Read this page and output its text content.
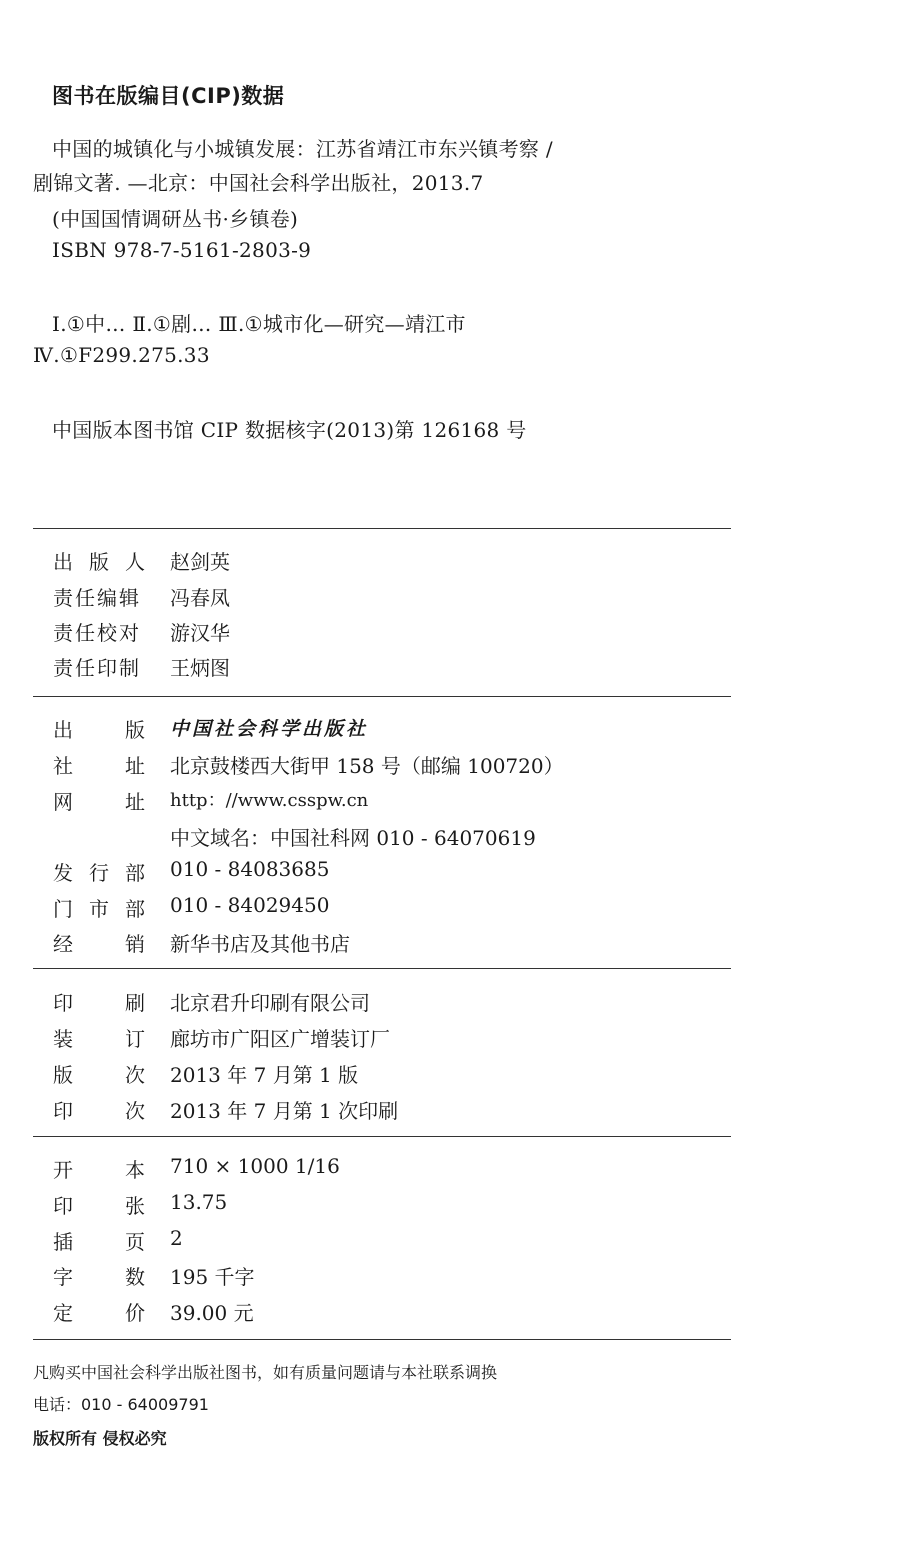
图书在版编目(CIP)数据
中国的城镇化与小城镇发展：江苏省靖江市东兴镇考察 /
剧锦文著. —北京：中国社会科学出版社，2013.7
(中国国情调研丛书·乡镇卷)
ISBN 978-7-5161-2803-9
Ⅰ.①中… Ⅱ.①剧… Ⅲ.①城市化—研究—靖江市
Ⅳ.①F299.275.33
中国版本图书馆 CIP 数据核字(2013)第 126168 号
出 版 人 赵剑英
责任编辑 冯春凤
责任校对 游汉华
责任印制 王炳图
出	版 中国社会科学出版社
社	址 北京鼓楼西大街甲 158 号（邮编 100720）
网	址 http：//www.csspw.cn
中文域名：中国社科网 010 - 64070619
发 行 部 010 - 84083685
门 市 部 010 - 84029450
经	销 新华书店及其他书店
印	刷 北京君升印刷有限公司
装	订 廊坊市广阳区广增装订厂
版	次 2013 年 7 月第 1 版
印	次 2013 年 7 月第 1 次印刷
开	本 710 × 1000 1/16
印	张 13.75
插	页 2
字	数 195 千字
定	价 39.00 元
凡购买中国社会科学出版社图书，如有质量问题请与本社联系调换
电话：010 - 64009791
版权所有 侵权必究
